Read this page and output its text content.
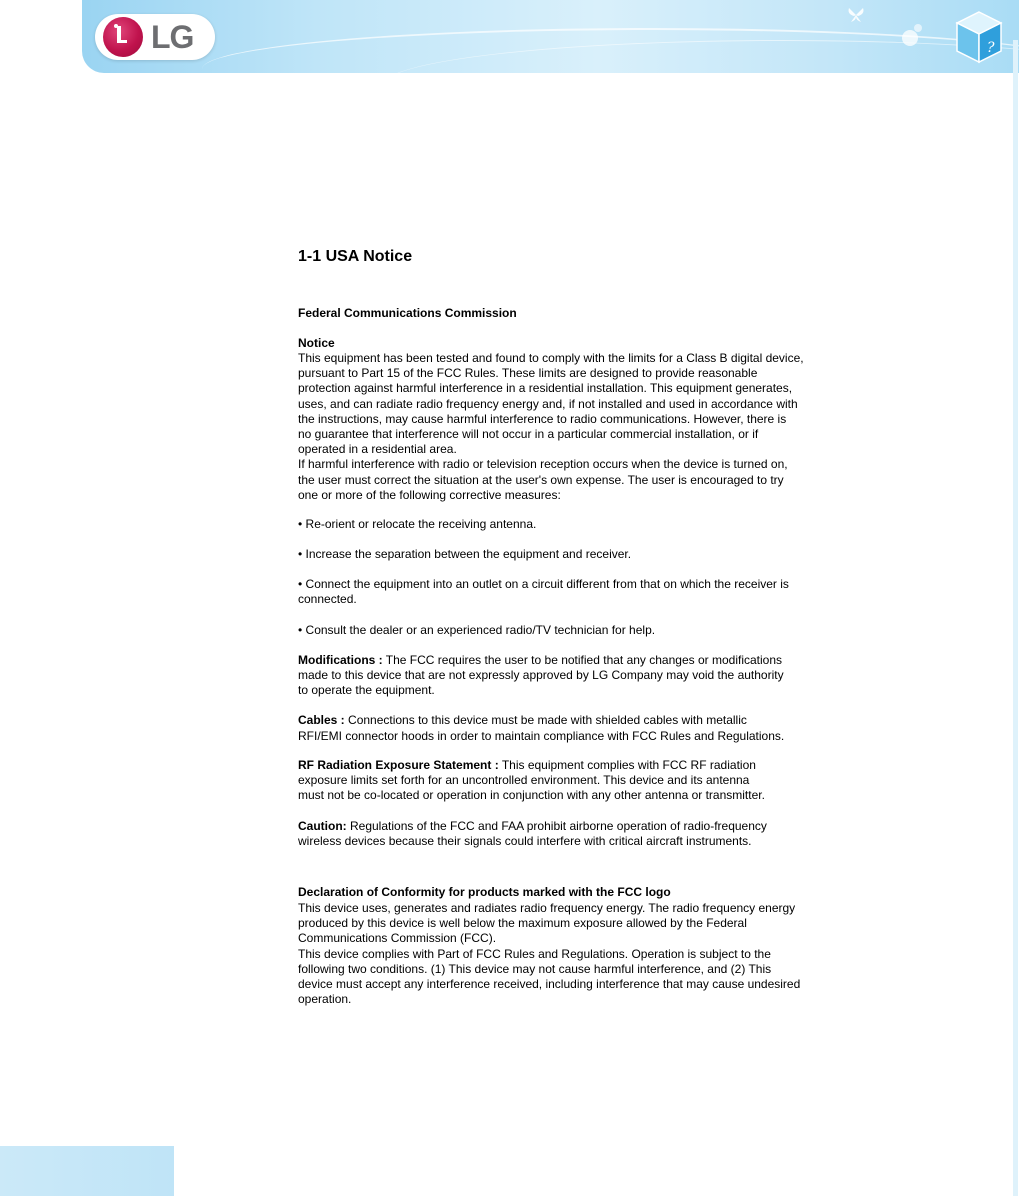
LG	?
1-1 USA Notice
Federal Communications Commission
Notice
This equipment has been tested and found to comply with the limits for a Class B digital device,
pursuant to Part 15 of the FCC Rules. These limits are designed to provide reasonable
protection against harmful interference in a residential installation. This equipment generates,
uses, and can radiate radio frequency energy and, if not installed and used in accordance with
the instructions, may cause harmful interference to radio communications. However, there is
no guarantee that interference will not occur in a particular commercial installation, or if
operated in a residential area.
If harmful interference with radio or television reception occurs when the device is turned on,
the user must correct the situation at the user's own expense. The user is encouraged to try
one or more of the following corrective measures:
• Re-orient or relocate the receiving antenna.
• Increase the separation between the equipment and receiver.
• Connect the equipment into an outlet on a circuit different from that on which the receiver is
connected.
• Consult the dealer or an experienced radio/TV technician for help.
Modifications : The FCC requires the user to be notified that any changes or modifications
made to this device that are not expressly approved by LG Company may void the authority
to operate the equipment.
Cables : Connections to this device must be made with shielded cables with metallic
RFI/EMI connector hoods in order to maintain compliance with FCC Rules and Regulations.
RF Radiation Exposure Statement : This equipment complies with FCC RF radiation
exposure limits set forth for an uncontrolled environment. This device and its antenna
must not be co-located or operation in conjunction with any other antenna or transmitter.
Caution: Regulations of the FCC and FAA prohibit airborne operation of radio-frequency
wireless devices because their signals could interfere with critical aircraft instruments.
Declaration of Conformity for products marked with the FCC logo
This device uses, generates and radiates radio frequency energy. The radio frequency energy
produced by this device is well below the maximum exposure allowed by the Federal
Communications Commission (FCC).
This device complies with Part of FCC Rules and Regulations. Operation is subject to the
following two conditions. (1) This device may not cause harmful interference, and (2) This
device must accept any interference received, including interference that may cause undesired
operation.
